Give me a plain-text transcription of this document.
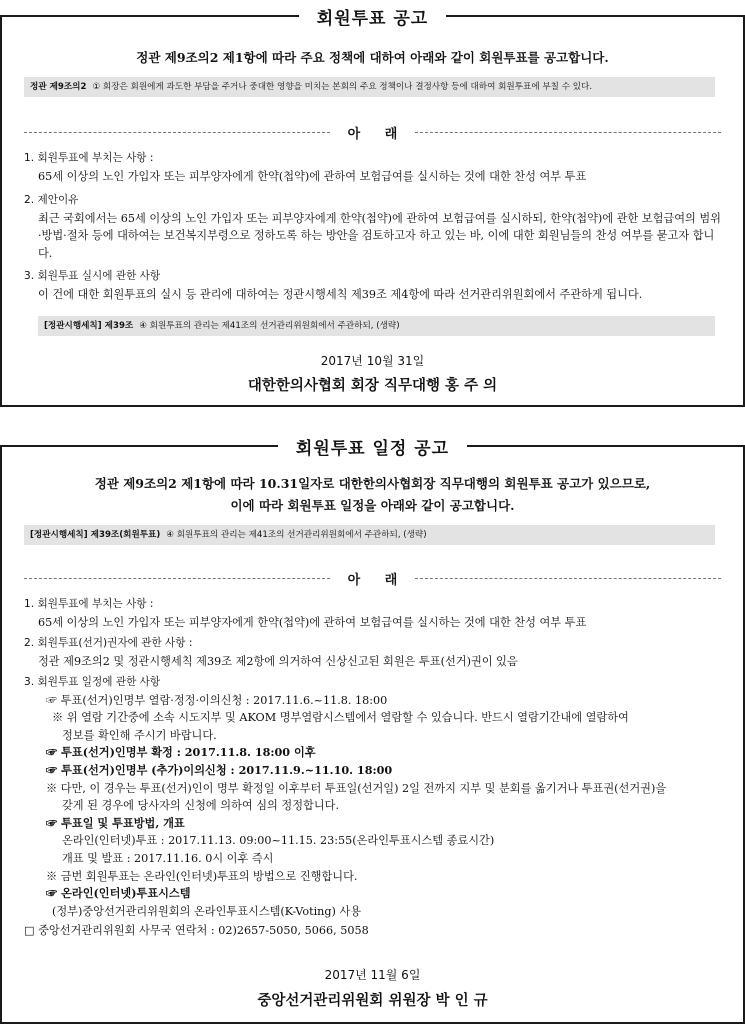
회원투표 공고
정관 제9조의2 제1항에 따라 주요 정책에 대하여 아래와 같이 회원투표를 공고합니다.
정관 제9조의2 ① 회장은 회원에게 과도한 부담을 주거나 중대한 영향을 미치는 본회의 주요 정책이나 결정사항 등에 대하여 회원투표에 부칠 수 있다.
아 래
1. 회원투표에 부치는 사항 :
65세 이상의 노인 가입자 또는 피부양자에게 한약(첩약)에 관하여 보험급여를 실시하는 것에 대한 찬성 여부 투표
2. 제안이유
최근 국회에서는 65세 이상의 노인 가입자 또는 피부양자에게 한약(첩약)에 관하여 보험급여를 실시하되, 한약(첩약)에 관한 보험급여의 범위·방법·절차 등에 대하여는 보건복지부령으로 정하도록 하는 방안을 검토하고자 하고 있는 바, 이에 대한 회원님들의 찬성 여부를 묻고자 합니다.
3. 회원투표 실시에 관한 사항
이 건에 대한 회원투표의 실시 등 관리에 대하여는 정관시행세칙 제39조 제4항에 따라 선거관리위원회에서 주관하게 됩니다.
[정관시행세칙] 제39조 ④ 회원투표의 관리는 제41조의 선거관리위원회에서 주관하되, (생략)
2017년 10월 31일
대한한의사협회 회장 직무대행 홍 주 의
회원투표 일정 공고
정관 제9조의2 제1항에 따라 10.31일자로 대한한의사협회장 직무대행의 회원투표 공고가 있으므로,
이에 따라 회원투표 일정을 아래와 같이 공고합니다.
[정관시행세칙] 제39조(회원투표) ④ 회원투표의 관리는 제41조의 선거관리위원회에서 주관하되, (생략)
아 래
1. 회원투표에 부치는 사항 :
65세 이상의 노인 가입자 또는 피부양자에게 한약(첩약)에 관하여 보험급여를 실시하는 것에 대한 찬성 여부 투표
2. 회원투표(선거)권자에 관한 사항 :
정관 제9조의2 및 정관시행세칙 제39조 제2항에 의거하여 신상신고된 회원은 투표(선거)권이 있음
3. 회원투표 일정에 관한 사항
☞ 투표(선거)인명부 열람·정정·이의신청 : 2017.11.6.~11.8. 18:00
※ 위 열람 기간중에 소속 시도지부 및 AKOM 명부열람시스템에서 열람할 수 있습니다. 반드시 열람기간내에 열람하여
정보를 확인해 주시기 바랍니다.
☞ 투표(선거)인명부 확정 : 2017.11.8. 18:00 이후
☞ 투표(선거)인명부 (추가)이의신청 : 2017.11.9.~11.10. 18:00
※ 다만, 이 경우는 투표(선거)인이 명부 확정일 이후부터 투표일(선거일) 2일 전까지 지부 및 분회를 옮기거나 투표권(선거권)을
갖게 된 경우에 당사자의 신청에 의하여 심의 정정합니다.
☞ 투표일 및 투표방법, 개표
온라인(인터넷)투표 : 2017.11.13. 09:00~11.15. 23:55(온라인투표시스템 종료시간)
개표 및 발표 : 2017.11.16. 0시 이후 즉시
※ 금번 회원투표는 온라인(인터넷)투표의 방법으로 진행합니다.
☞ 온라인(인터넷)투표시스템
(정부)중앙선거관리위원회의 온라인투표시스템(K-Voting) 사용
□ 중앙선거관리위원회 사무국 연락처 : 02)2657-5050, 5066, 5058
2017년 11월 6일
중앙선거관리위원회 위원장 박 인 규
